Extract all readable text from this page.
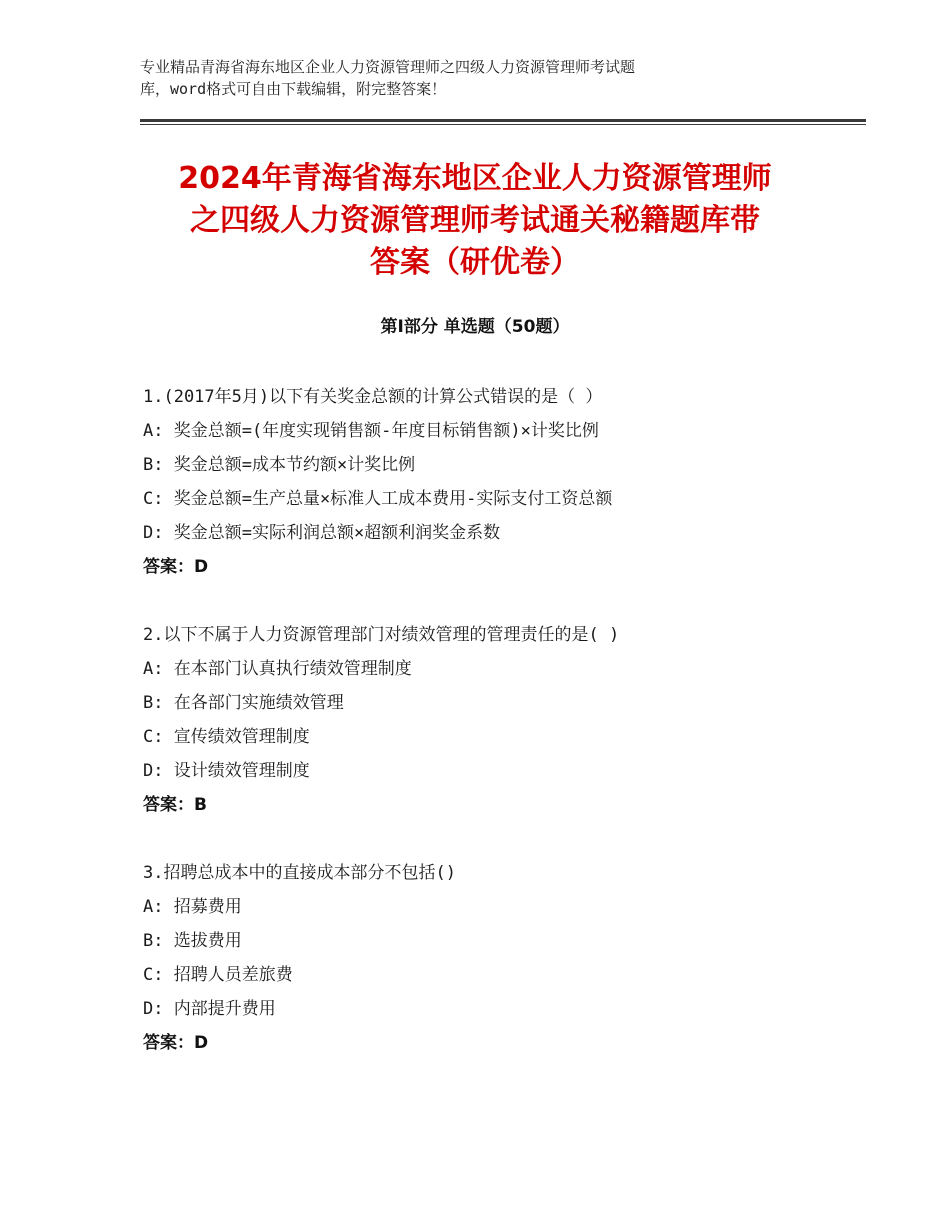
专业精品青海省海东地区企业人力资源管理师之四级人力资源管理师考试题
库，word格式可自由下载编辑，附完整答案！
2024年青海省海东地区企业人力资源管理师
之四级人力资源管理师考试通关秘籍题库带
答案（研优卷）
第Ⅰ部分 单选题（50题）
1.(2017年5月)以下有关奖金总额的计算公式错误的是（ ）
A: 奖金总额=(年度实现销售额-年度目标销售额)×计奖比例
B: 奖金总额=成本节约额×计奖比例
C: 奖金总额=生产总量×标准人工成本费用-实际支付工资总额
D: 奖金总额=实际利润总额×超额利润奖金系数
答案：D
2.以下不属于人力资源管理部门对绩效管理的管理责任的是( )
A: 在本部门认真执行绩效管理制度
B: 在各部门实施绩效管理
C: 宣传绩效管理制度
D: 设计绩效管理制度
答案：B
3.招聘总成本中的直接成本部分不包括()
A: 招募费用
B: 选拔费用
C: 招聘人员差旅费
D: 内部提升费用
答案：D
